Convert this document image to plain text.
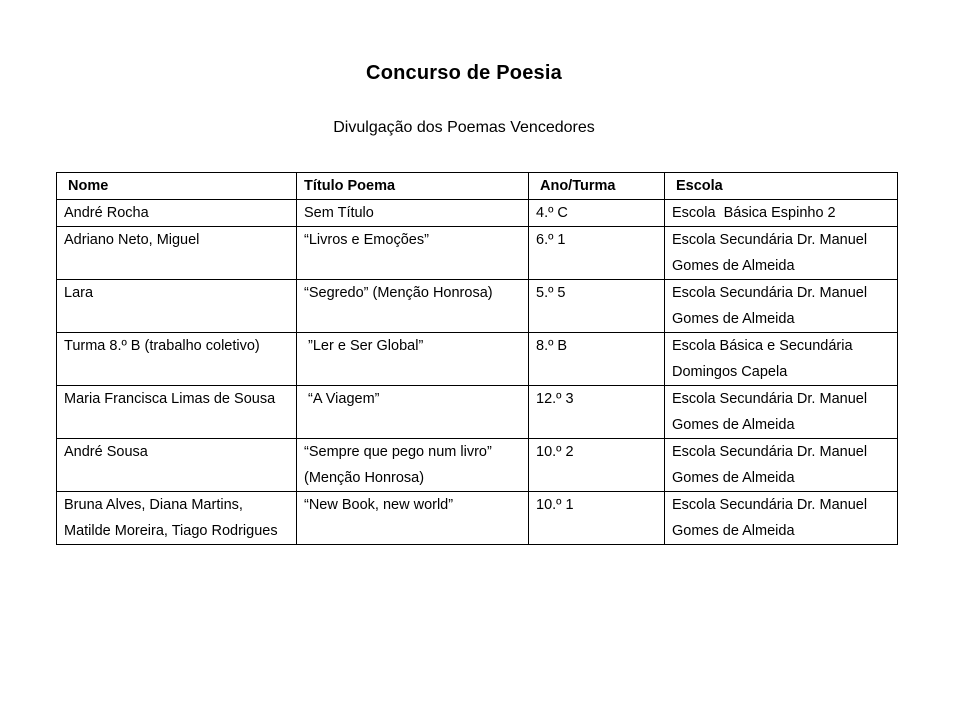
Concurso de Poesia
Divulgação dos Poemas Vencedores
Nome	Título Poema	Ano/Turma	Escola
André Rocha	Sem Título	4.º C	Escola  Básica Espinho 2
Adriano Neto, Miguel	“Livros e Emoções”	6.º 1	Escola Secundária Dr. Manuel Gomes de Almeida
Lara	“Segredo” (Menção Honrosa)	5.º 5	Escola Secundária Dr. Manuel Gomes de Almeida
Turma 8.º B (trabalho coletivo)	”Ler e Ser Global”	8.º B	Escola Básica e Secundária Domingos Capela
Maria Francisca Limas de Sousa	“A Viagem”	12.º 3	Escola Secundária Dr. Manuel Gomes de Almeida
André Sousa	“Sempre que pego num livro” (Menção Honrosa)	10.º 2	Escola Secundária Dr. Manuel Gomes de Almeida
Bruna Alves, Diana Martins, Matilde Moreira, Tiago Rodrigues	“New Book, new world”	10.º 1	Escola Secundária Dr. Manuel Gomes de Almeida
